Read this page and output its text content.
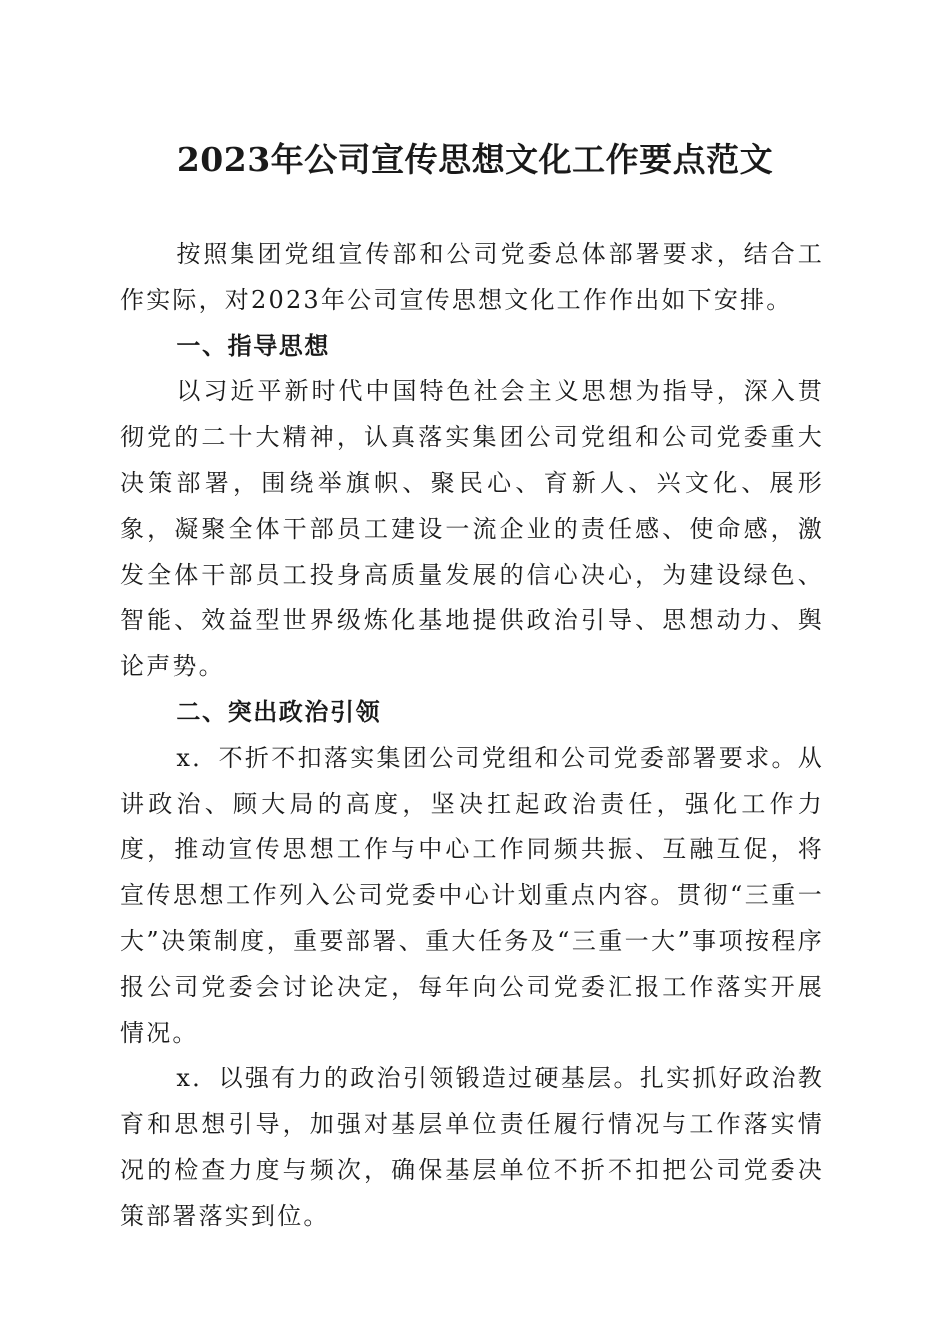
2023年公司宣传思想文化工作要点范文

按照集团党组宣传部和公司党委总体部署要求，结合工作实际，对2023年公司宣传思想文化工作作出如下安排。

一、指导思想

以习近平新时代中国特色社会主义思想为指导，深入贯彻党的二十大精神，认真落实集团公司党组和公司党委重大决策部署，围绕举旗帜、聚民心、育新人、兴文化、展形象，凝聚全体干部员工建设一流企业的责任感、使命感，激发全体干部员工投身高质量发展的信心决心，为建设绿色、智能、效益型世界级炼化基地提供政治引导、思想动力、舆论声势。

二、突出政治引领

x．不折不扣落实集团公司党组和公司党委部署要求。从讲政治、顾大局的高度，坚决扛起政治责任，强化工作力度，推动宣传思想工作与中心工作同频共振、互融互促，将宣传思想工作列入公司党委中心计划重点内容。贯彻“三重一大”决策制度，重要部署、重大任务及“三重一大”事项按程序报公司党委会讨论决定，每年向公司党委汇报工作落实开展情况。

x．以强有力的政治引领锻造过硬基层。扎实抓好政治教育和思想引导，加强对基层单位责任履行情况与工作落实情况的检查力度与频次，确保基层单位不折不扣把公司党委决策部署落实到位。
